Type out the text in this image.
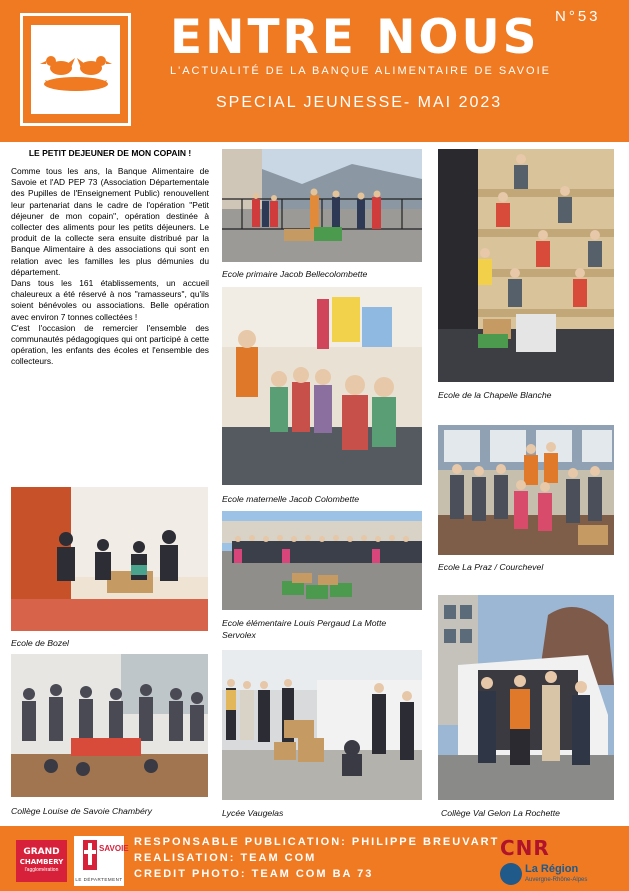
ENTRE NOUS N°53
L'ACTUALITÉ DE LA BANQUE ALIMENTAIRE DE SAVOIE
SPECIAL JEUNESSE- MAI 2023
LE PETIT DEJEUNER DE MON COPAIN !

Comme tous les ans, la Banque Alimentaire de Savoie et l'AD PEP 73 (Association Départementale des Pupilles de l'Enseignement Public) renouvellent leur partenariat dans le cadre de l'opération "Petit déjeuner de mon copain", opération destinée à collecter des aliments pour les petits déjeuners. Le produit de la collecte sera ensuite distribué par la Banque Alimentaire à des associations qui sont en relation avec les familles les plus démunies du département.

Dans tous les 161 établissements, un accueil chaleureux a été réservé à nos "ramasseurs", qu'ils soient bénévoles ou associations. Belle opération avec environ 7 tonnes collectées !

C'est l'occasion de remercier l'ensemble des communautés pédagogiques qui ont participé à cette opération, les enfants des écoles et l'ensemble des collecteurs.

Ecole de Bozel
Collège Louise de Savoie Chambéry
Ecole primaire Jacob Bellecolombette
Ecole maternelle Jacob Colombette
Ecole élémentaire Louis Pergaud La Motte Servolex
Lycée Vaugelas
Ecole de la Chapelle Blanche
Ecole La Praz / Courchevel
Collège Val Gelon La Rochette
GRAND
CHAMBERY
l'agglomération
SAVOIE
LE DÉPARTEMENT
RESPONSABLE PUBLICATION: PHILIPPE BREUVART
REALISATION: TEAM COM
CREDIT PHOTO: TEAM COM BA 73
CNR
La Région
Auvergne-Rhône-Alpes
